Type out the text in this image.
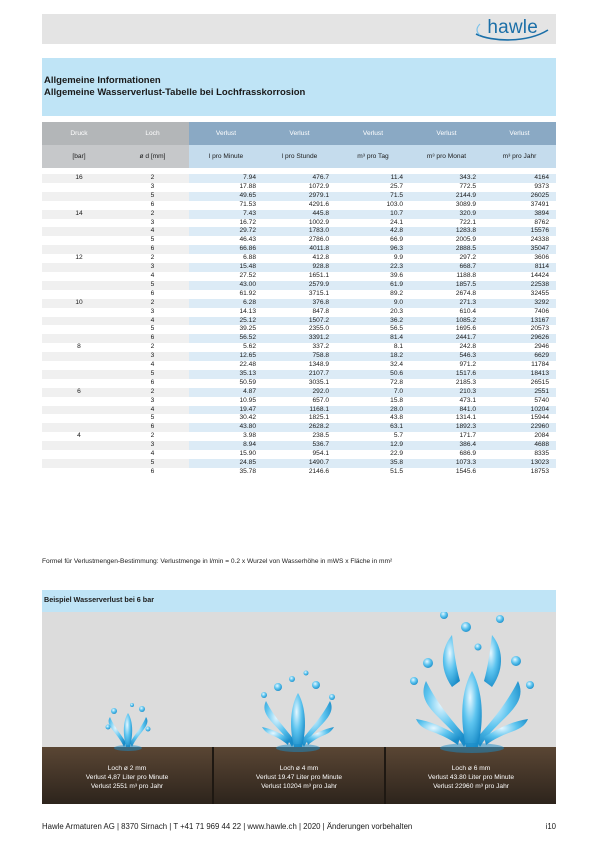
hawle
Allgemeine Informationen
Allgemeine Wasserverlust-Tabelle bei Lochfrasskorrosion
Druck	Loch	Verlust	Verlust	Verlust	Verlust	Verlust
[bar]	ø d [mm]	l pro Minute	l pro Stunde	m³ pro Tag	m³ pro Monat	m³ pro Jahr

16	2	7.94	476.7	11.4	343.2	4164
	3	17.88	1072.9	25.7	772.5	9373
	5	49.65	2979.1	71.5	2144.9	26025
	6	71.53	4291.6	103.0	3089.9	37491
14	2	7.43	445.8	10.7	320.9	3894
	3	16.72	1002.9	24.1	722.1	8762
	4	29.72	1783.0	42.8	1283.8	15576
	5	46.43	2786.0	66.9	2005.9	24338
	6	66.86	4011.8	96.3	2888.5	35047
12	2	6.88	412.8	9.9	297.2	3606
	3	15.48	928.8	22.3	668.7	8114
	4	27.52	1651.1	39.6	1188.8	14424
	5	43.00	2579.9	61.9	1857.5	22538
	6	61.92	3715.1	89.2	2674.8	32455
10	2	6.28	376.8	9.0	271.3	3292
	3	14.13	847.8	20.3	610.4	7406
	4	25.12	1507.2	36.2	1085.2	13167
	5	39.25	2355.0	56.5	1695.6	20573
	6	56.52	3391.2	81.4	2441.7	29626
8	2	5.62	337.2	8.1	242.8	2946
	3	12.65	758.8	18.2	546.3	6629
	4	22.48	1348.9	32.4	971.2	11784
	5	35.13	2107.7	50.6	1517.6	18413
	6	50.59	3035.1	72.8	2185.3	26515
6	2	4.87	292.0	7.0	210.3	2551
	3	10.95	657.0	15.8	473.1	5740
	4	19.47	1168.1	28.0	841.0	10204
	5	30.42	1825.1	43.8	1314.1	15944
	6	43.80	2628.2	63.1	1892.3	22960
4	2	3.98	238.5	5.7	171.7	2084
	3	8.94	536.7	12.9	386.4	4688
	4	15.90	954.1	22.9	686.9	8335
	5	24.85	1490.7	35.8	1073.3	13023
	6	35.78	2146.6	51.5	1545.6	18753
Formel für Verlustmengen-Bestimmung: Verlustmenge in l/min = 0.2 x Wurzel von Wasserhöhe in mWS x Fläche in mm²
Beispiel Wasserverlust bei 6 bar
Loch ø 2 mm
Verlust 4,87 Liter pro Minute
Verlust 2551 m³ pro Jahr
Loch ø 4 mm
Verlust 19.47 Liter pro Minute
Verlust 10204 m³ pro Jahr
Loch ø 6 mm
Verlust 43.80 Liter pro Minute
Verlust 22960 m³ pro Jahr
Hawle Armaturen AG | 8370 Sirnach | T +41 71 969 44 22 | www.hawle.ch | 2020 | Änderungen vorbehalten	i10
